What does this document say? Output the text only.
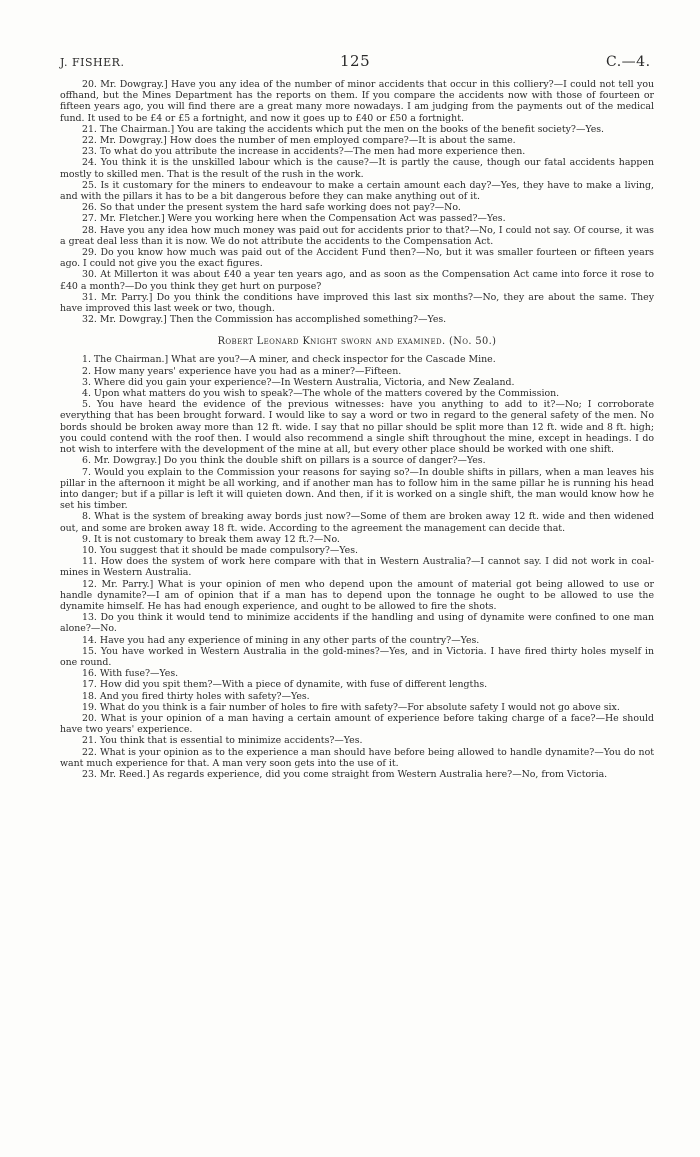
J. FISHER.	125	C.—4.

20. Mr. Dowgray.] Have you any idea of the number of minor accidents that occur in this colliery?—I could not tell you offhand, but the Mines Department has the reports on them. If you compare the accidents now with those of fourteen or fifteen years ago, you will find there are a great many more nowadays. I am judging from the payments out of the medical fund. It used to be £4 or £5 a fortnight, and now it goes up to £40 or £50 a fortnight.

21. The Chairman.] You are taking the accidents which put the men on the books of the benefit society?—Yes.

22. Mr. Dowgray.] How does the number of men employed compare?—It is about the same.

23. To what do you attribute the increase in accidents?—The men had more experience then.

24. You think it is the unskilled labour which is the cause?—It is partly the cause, though our fatal accidents happen mostly to skilled men. That is the result of the rush in the work.

25. Is it customary for the miners to endeavour to make a certain amount each day?—Yes, they have to make a living, and with the pillars it has to be a bit dangerous before they can make anything out of it.

26. So that under the present system the hard safe working does not pay?—No.

27. Mr. Fletcher.] Were you working here when the Compensation Act was passed?—Yes.

28. Have you any idea how much money was paid out for accidents prior to that?—No, I could not say. Of course, it was a great deal less than it is now. We do not attribute the accidents to the Compensation Act.

29. Do you know how much was paid out of the Accident Fund then?—No, but it was smaller fourteen or fifteen years ago. I could not give you the exact figures.

30. At Millerton it was about £40 a year ten years ago, and as soon as the Compensation Act came into force it rose to £40 a month?—Do you think they get hurt on purpose?

31. Mr. Parry.] Do you think the conditions have improved this last six months?—No, they are about the same. They have improved this last week or two, though.

32. Mr. Dowgray.] Then the Commission has accomplished something?—Yes.

Robert Leonard Knight sworn and examined. (No. 50.)

1. The Chairman.] What are you?—A miner, and check inspector for the Cascade Mine.

2. How many years' experience have you had as a miner?—Fifteen.

3. Where did you gain your experience?—In Western Australia, Victoria, and New Zealand.

4. Upon what matters do you wish to speak?—The whole of the matters covered by the Commission.

5. You have heard the evidence of the previous witnesses: have you anything to add to it?—No; I corroborate everything that has been brought forward. I would like to say a word or two in regard to the general safety of the men. No bords should be broken away more than 12 ft. wide. I say that no pillar should be split more than 12 ft. wide and 8 ft. high; you could contend with the roof then. I would also recommend a single shift throughout the mine, except in headings. I do not wish to interfere with the development of the mine at all, but every other place should be worked with one shift.

6. Mr. Dowgray.] Do you think the double shift on pillars is a source of danger?—Yes.

7. Would you explain to the Commission your reasons for saying so?—In double shifts in pillars, when a man leaves his pillar in the afternoon it might be all working, and if another man has to follow him in the same pillar he is running his head into danger; but if a pillar is left it will quieten down. And then, if it is worked on a single shift, the man would know how he set his timber.

8. What is the system of breaking away bords just now?—Some of them are broken away 12 ft. wide and then widened out, and some are broken away 18 ft. wide. According to the agreement the management can decide that.

9. It is not customary to break them away 12 ft.?—No.

10. You suggest that it should be made compulsory?—Yes.

11. How does the system of work here compare with that in Western Australia?—I cannot say. I did not work in coal-mines in Western Australia.

12. Mr. Parry.] What is your opinion of men who depend upon the amount of material got being allowed to use or handle dynamite?—I am of opinion that if a man has to depend upon the tonnage he ought to be allowed to use the dynamite himself. He has had enough experience, and ought to be allowed to fire the shots.

13. Do you think it would tend to minimize accidents if the handling and using of dynamite were confined to one man alone?—No.

14. Have you had any experience of mining in any other parts of the country?—Yes.

15. You have worked in Western Australia in the gold-mines?—Yes, and in Victoria. I have fired thirty holes myself in one round.

16. With fuse?—Yes.

17. How did you spit them?—With a piece of dynamite, with fuse of different lengths.

18. And you fired thirty holes with safety?—Yes.

19. What do you think is a fair number of holes to fire with safety?—For absolute safety I would not go above six.

20. What is your opinion of a man having a certain amount of experience before taking charge of a face?—He should have two years' experience.

21. You think that is essential to minimize accidents?—Yes.

22. What is your opinion as to the experience a man should have before being allowed to handle dynamite?—You do not want much experience for that. A man very soon gets into the use of it.

23. Mr. Reed.] As regards experience, did you come straight from Western Australia here?—No, from Victoria.
